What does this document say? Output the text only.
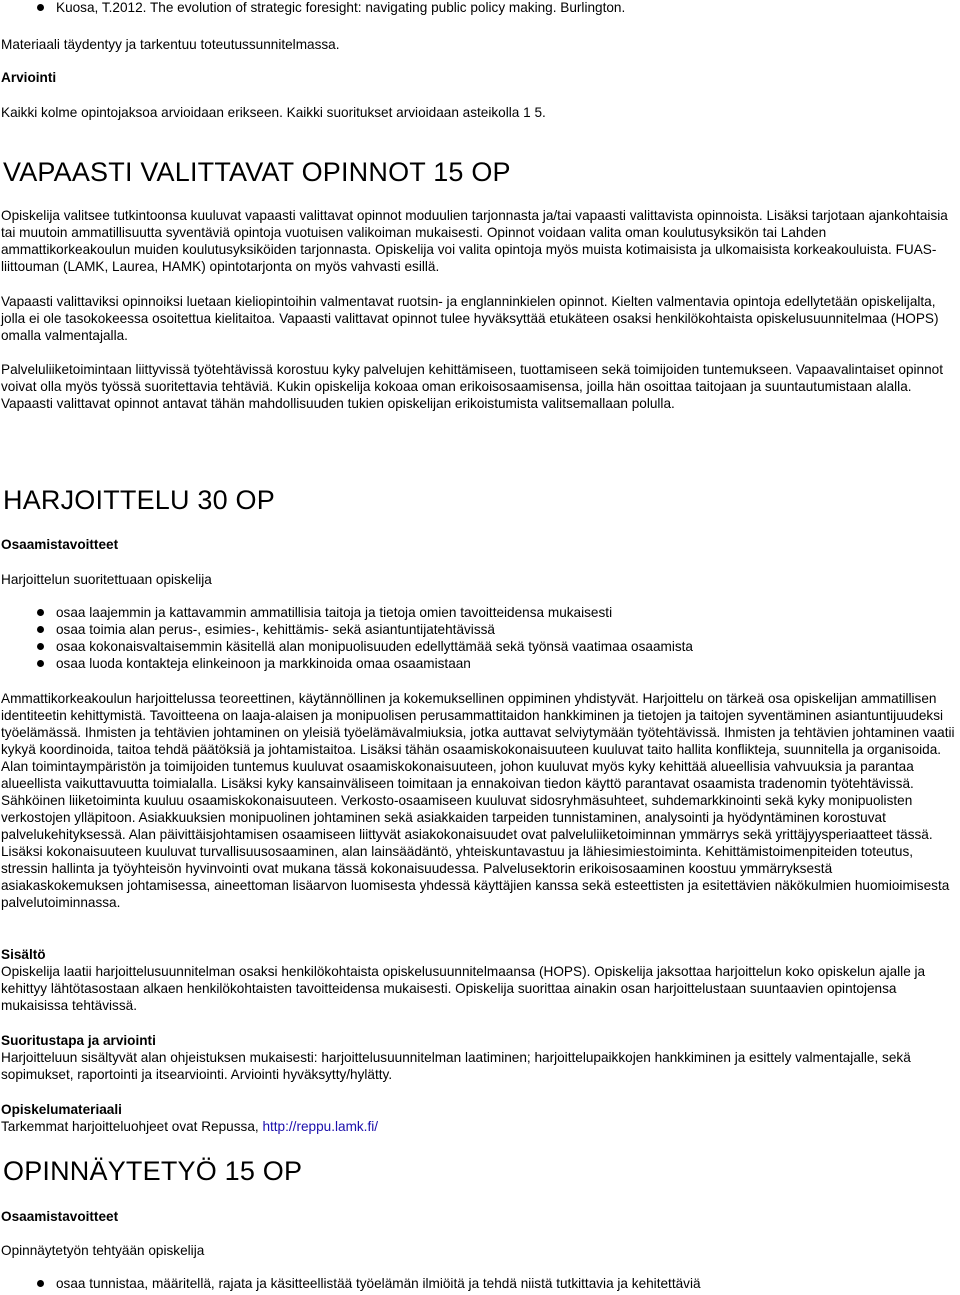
Kuosa, T.2012. The evolution of strategic foresight: navigating public policy making. Burlington.

Materiaali täydentyy ja tarkentuu toteutussunnitelmassa.

Arviointi

Kaikki kolme opintojaksoa arvioidaan erikseen. Kaikki suoritukset arvioidaan asteikolla 1 5.

VAPAASTI VALITTAVAT OPINNOT 15 OP

Opiskelija valitsee tutkintoonsa kuuluvat vapaasti valittavat opinnot moduulien tarjonnasta ja/tai vapaasti valittavista opinnoista. Lisäksi tarjotaan ajankohtaisia tai muutoin ammatillisuutta syventäviä opintoja vuotuisen valikoiman mukaisesti. Opinnot voidaan valita oman koulutusyksikön tai Lahden ammattikorkeakoulun muiden koulutusyksiköiden tarjonnasta. Opiskelija voi valita opintoja myös muista kotimaisista ja ulkomaisista korkeakouluista. FUAS-liittouman (LAMK, Laurea, HAMK) opintotarjonta on myös vahvasti esillä.

Vapaasti valittaviksi opinnoiksi luetaan kieliopintoihin valmentavat ruotsin- ja englanninkielen opinnot. Kielten valmentavia opintoja edellytetään opiskelijalta, jolla ei ole tasokokeessa osoitettua kielitaitoa. Vapaasti valittavat opinnot tulee hyväksyttää etukäteen osaksi henkilökohtaista opiskelusuunnitelmaa (HOPS) omalla valmentajalla.

Palveluliiketoimintaan liittyvissä työtehtävissä korostuu kyky palvelujen kehittämiseen, tuottamiseen sekä toimijoiden tuntemukseen. Vapaavalintaiset opinnot voivat olla myös työssä suoritettavia tehtäviä. Kukin opiskelija kokoaa oman erikoisosaamisensa, joilla hän osoittaa taitojaan ja suuntautumistaan alalla. Vapaasti valittavat opinnot antavat tähän mahdollisuuden tukien opiskelijan erikoistumista valitsemallaan polulla.

HARJOITTELU 30 OP

Osaamistavoitteet

Harjoittelun suoritettuaan opiskelija

osaa laajemmin ja kattavammin ammatillisia taitoja ja tietoja omien tavoitteidensa mukaisesti
osaa toimia alan perus-, esimies-, kehittämis- sekä asiantuntijatehtävissä
osaa kokonaisvaltaisemmin käsitellä alan monipuolisuuden edellyttämää sekä työnsä vaatimaa osaamista
osaa luoda kontakteja elinkeinoon ja markkinoida omaa osaamistaan

Ammattikorkeakoulun harjoittelussa teoreettinen, käytännöllinen ja kokemuksellinen oppiminen yhdistyvät. Harjoittelu on tärkeä osa opiskelijan ammatillisen identiteetin kehittymistä. Tavoitteena on laaja-alaisen ja monipuolisen perusammattitaidon hankkiminen ja tietojen ja taitojen syventäminen asiantuntijuudeksi työelämässä. Ihmisten ja tehtävien johtaminen on yleisiä työelämävalmiuksia, jotka auttavat selviytymään työtehtävissä. Ihmisten ja tehtävien johtaminen vaatii kykyä koordinoida, taitoa tehdä päätöksiä ja johtamistaitoa. Lisäksi tähän osaamiskokonaisuuteen kuuluvat taito hallita konflikteja, suunnitella ja organisoida. Alan toimintaympäristön ja toimijoiden tuntemus kuuluvat osaamiskokonaisuuteen, johon kuuluvat myös kyky kehittää alueellisia vahvuuksia ja parantaa alueellista vaikuttavuutta toimialalla. Lisäksi kyky kansainväliseen toimitaan ja ennakoivan tiedon käyttö parantavat osaamista tradenomin työtehtävissä. Sähköinen liiketoiminta kuuluu osaamiskokonaisuuteen. Verkosto-osaamiseen kuuluvat sidosryhmäsuhteet, suhdemarkkinointi sekä kyky monipuolisten verkostojen ylläpitoon. Asiakkuuksien monipuolinen johtaminen sekä asiakkaiden tarpeiden tunnistaminen, analysointi ja hyödyntäminen korostuvat palvelukehityksessä. Alan päivittäisjohtamisen osaamiseen liittyvät asiakokonaisuudet ovat palveluliiketoiminnan ymmärrys sekä yrittäjyysperiaatteet tässä. Lisäksi kokonaisuuteen kuuluvat turvallisuusosaaminen, alan lainsäädäntö, yhteiskuntavastuu ja lähiesimiestoiminta. Kehittämistoimenpiteiden toteutus, stressin hallinta ja työyhteisön hyvinvointi ovat mukana tässä kokonaisuudessa. Palvelusektorin erikoisosaaminen koostuu ymmärryksestä asiakaskokemuksen johtamisessa, aineettoman lisäarvon luomisesta yhdessä käyttäjien kanssa sekä esteettisten ja esitettävien näkökulmien huomioimisesta palvelutoiminnassa.

Sisältö

Opiskelija laatii harjoittelusuunnitelman osaksi henkilökohtaista opiskelusuunnitelmaansa (HOPS). Opiskelija jaksottaa harjoittelun koko opiskelun ajalle ja kehittyy lähtötasostaan alkaen henkilökohtaisten tavoitteidensa mukaisesti. Opiskelija suorittaa ainakin osan harjoittelustaan suuntaavien opintojensa mukaisissa tehtävissä.

Suoritustapa ja arviointi

Harjoitteluun sisältyvät alan ohjeistuksen mukaisesti: harjoittelusuunnitelman laatiminen; harjoittelupaikkojen hankkiminen ja esittely valmentajalle, sekä sopimukset, raportointi ja itsearviointi. Arviointi hyväksytty/hylätty.

Opiskelumateriaali

Tarkemmat harjoitteluohjeet ovat Repussa, http://reppu.lamk.fi/

OPINNÄYTETYÖ 15 OP

Osaamistavoitteet

Opinnäytetyön tehtyään opiskelija

osaa tunnistaa, määritellä, rajata ja käsitteellistää työelämän ilmiöitä ja tehdä niistä tutkittavia ja kehitettäviä
